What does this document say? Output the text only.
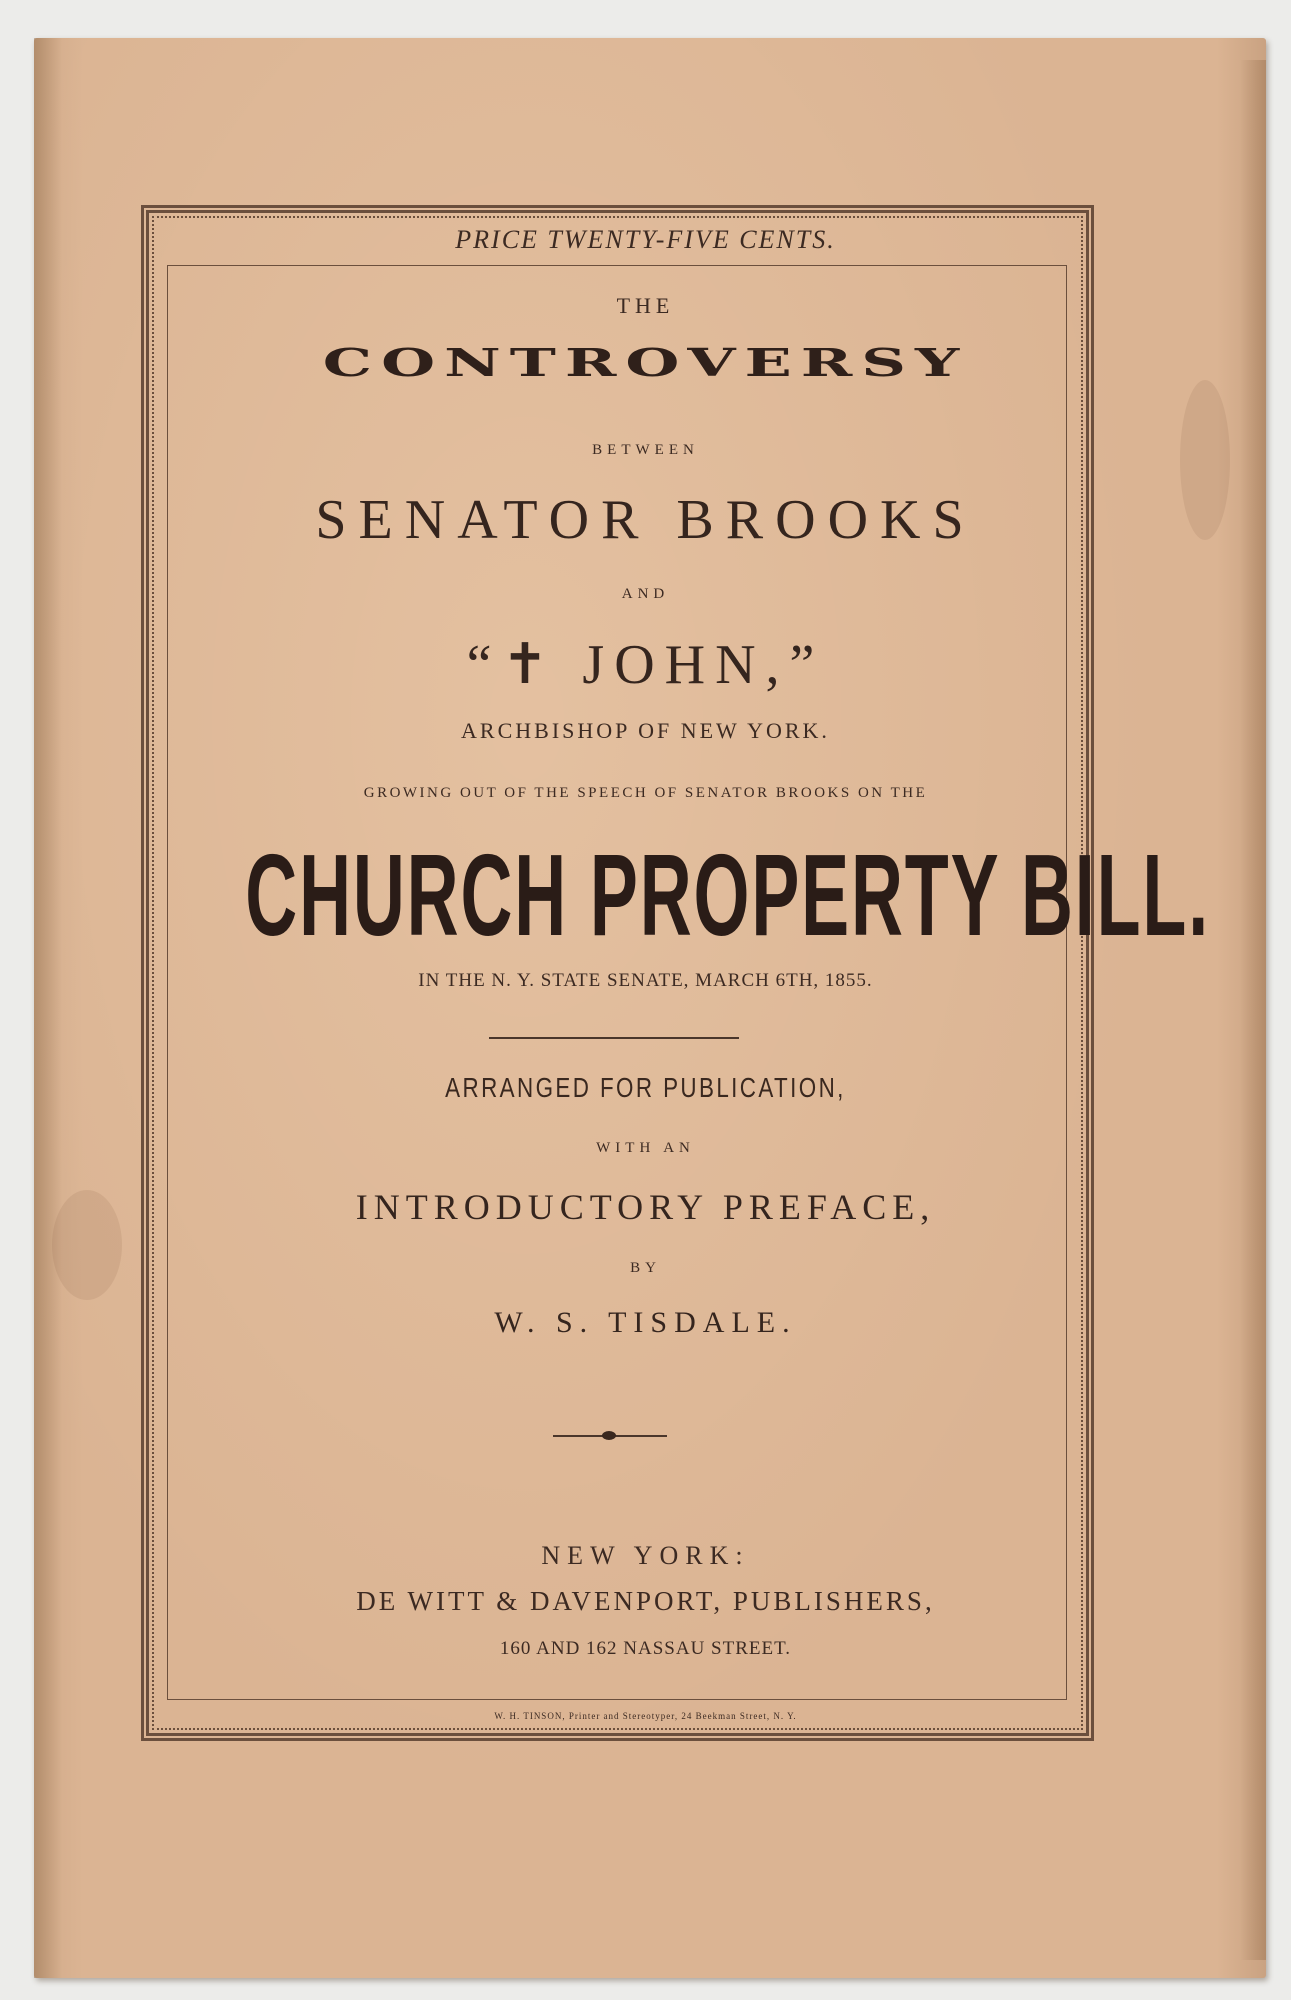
PRICE TWENTY-FIVE CENTS.
THE
CONTROVERSY
BETWEEN
SENATOR BROOKS
AND
“✝ JOHN,”
ARCHBISHOP OF NEW YORK.
GROWING OUT OF THE SPEECH OF SENATOR BROOKS ON THE
CHURCH PROPERTY BILL.
IN THE N. Y. STATE SENATE, MARCH 6TH, 1855.
ARRANGED FOR PUBLICATION,
WITH AN
INTRODUCTORY PREFACE,
BY
W. S. TISDALE.
NEW YORK:
DE WITT & DAVENPORT, PUBLISHERS,
160 AND 162 NASSAU STREET.
W. H. TINSON, Printer and Stereotyper, 24 Beekman Street, N. Y.
